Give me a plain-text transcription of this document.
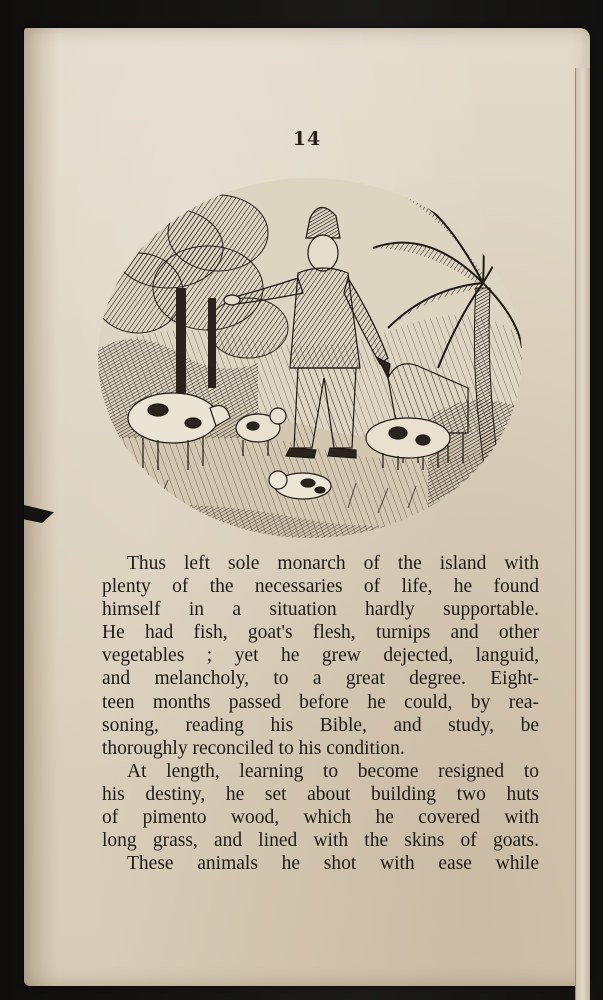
14
Thus left sole monarch of the island with
plenty of the necessaries of life, he found
himself in a situation hardly supportable.
He had fish, goat's flesh, turnips and other
vegetables ; yet he grew dejected, languid,
and melancholy, to a great degree. Eight-
teen months passed before he could, by rea-
soning, reading his Bible, and study, be
thoroughly reconciled to his condition.
At length, learning to become resigned to
his destiny, he set about building two huts
of pimento wood, which he covered with
long grass, and lined with the skins of goats.
These animals he shot with ease while
